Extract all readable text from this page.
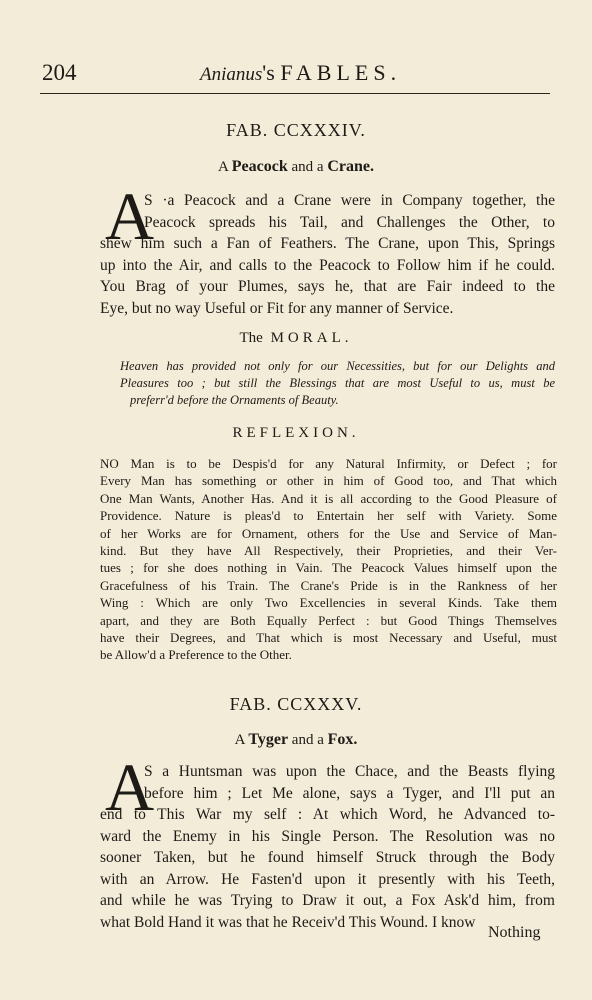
204	Anianus's FABLES.
FAB. CCXXXIV.
A Peacock and a Crane.
A
S ·a Peacock and a Crane were in Company together, the
Peacock spreads his Tail, and Challenges the Other, to
shew him such a Fan of Feathers. The Crane, upon This, Springs
up into the Air, and calls to the Peacock to Follow him if he could.
You Brag of your Plumes, says he, that are Fair indeed to the
Eye, but no way Useful or Fit for any manner of Service.
The MORAL.
Heaven has provided not only for our Necessities, but for our Delights and
Pleasures too ; but still the Blessings that are most Useful to us, must be
preferr'd before the Ornaments of Beauty.
REFLEXION.
NO Man is to be Despis'd for any Natural Infirmity, or Defect ; for
Every Man has something or other in him of Good too, and That which
One Man Wants, Another Has. And it is all according to the Good Pleasure of
Providence. Nature is pleas'd to Entertain her self with Variety. Some
of her Works are for Ornament, others for the Use and Service of Man-
kind. But they have All Respectively, their Proprieties, and their Ver-
tues ; for she does nothing in Vain. The Peacock Values himself upon the
Gracefulness of his Train. The Crane's Pride is in the Rankness of her
Wing : Which are only Two Excellencies in several Kinds. Take them
apart, and they are Both Equally Perfect : but Good Things Themselves
have their Degrees, and That which is most Necessary and Useful, must
be Allow'd a Preference to the Other.
FAB. CCXXXV.
A Tyger and a Fox.
A
S a Huntsman was upon the Chace, and the Beasts flying
before him ; Let Me alone, says a Tyger, and I'll put an
end to This War my self : At which Word, he Advanced to-
ward the Enemy in his Single Person. The Resolution was no
sooner Taken, but he found himself Struck through the Body
with an Arrow. He Fasten'd upon it presently with his Teeth,
and while he was Trying to Draw it out, a Fox Ask'd him, from
what Bold Hand it was that he Receiv'd This Wound. I know
Nothing
